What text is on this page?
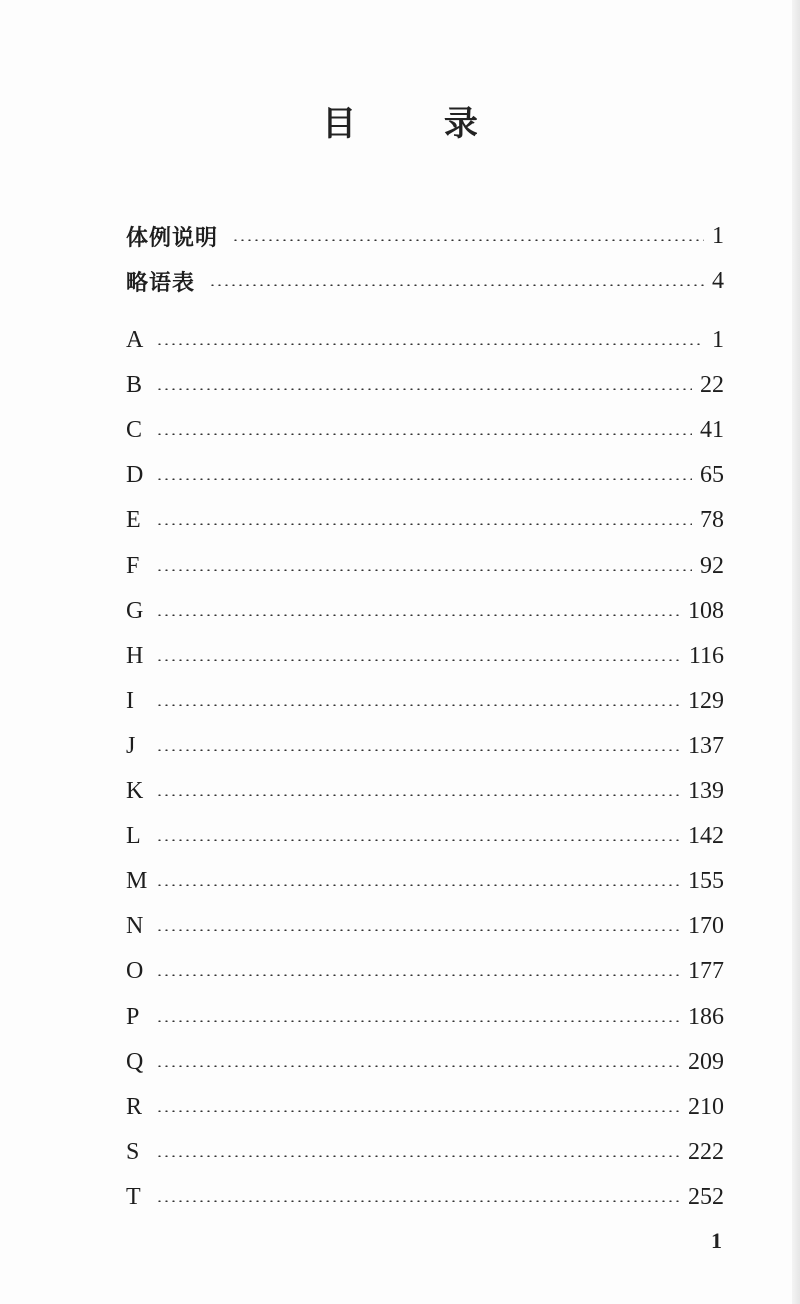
目 录
体例说明	1
略语表	4
A	1
B	22
C	41
D	65
E	78
F	92
G	108
H	116
I	129
J	137
K	139
L	142
M	155
N	170
O	177
P	186
Q	209
R	210
S	222
T	252
1
